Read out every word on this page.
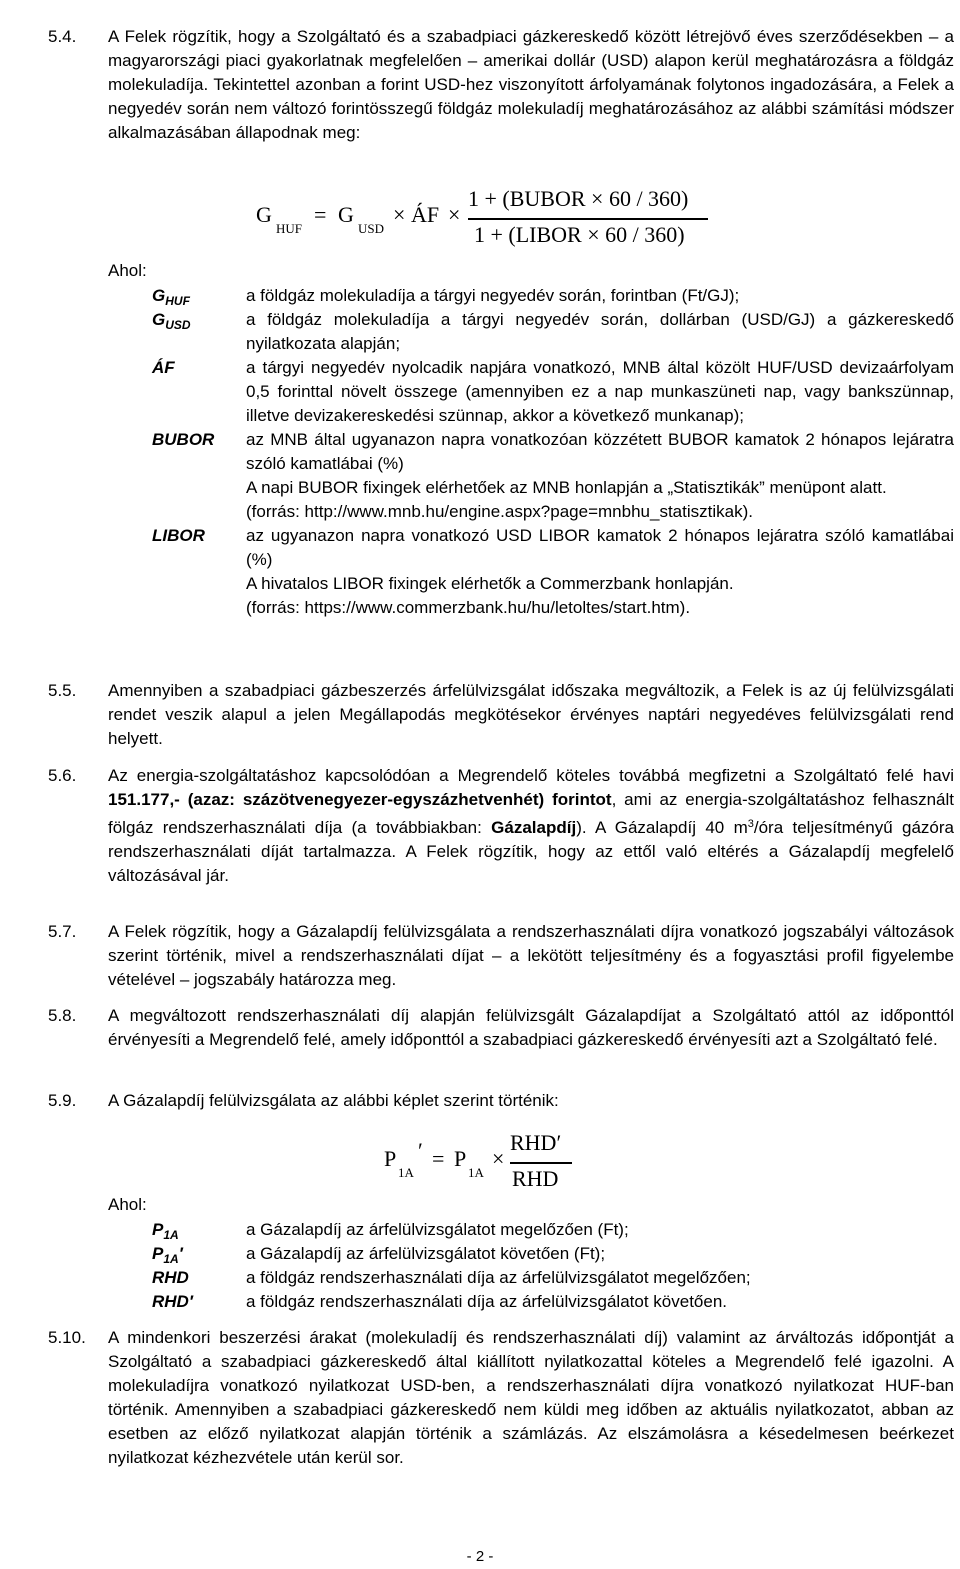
5.4.	A Felek rögzítik, hogy a Szolgáltató és a szabadpiaci gázkereskedő között létrejövő éves szerződésekben – a magyarországi piaci gyakorlatnak megfelelően – amerikai dollár (USD) alapon kerül meghatározásra a földgáz molekuladíja. Tekintettel azonban a forint USD-hez viszonyított árfolyamának folytonos ingadozására, a Felek a negyedév során nem változó forintösszegű földgáz molekuladíj meghatározásához az alábbi számítási módszer alkalmazásában állapodnak meg:
G
HUF
= G
USD
× ÁF ×
1 + (BUBOR × 60 / 360)
1 + (LIBOR × 60 / 360)
Ahol:
$G_{HUF}$	a földgáz molekuladíja a tárgyi negyedév során, forintban (Ft/GJ);

$G_{USD}$	a földgáz molekuladíja a tárgyi negyedév során, dollárban (USD/GJ) a gázkereskedő nyilatkozata alapján;

ÁF	a tárgyi negyedév nyolcadik napjára vonatkozó, MNB által közölt HUF/USD devizaárfolyam 0,5 forinttal növelt összege (amennyiben ez a nap munkaszüneti nap, vagy bankszünnap, illetve devizakereskedési szünnap, akkor a következő munkanap);

BUBOR az MNB által ugyanazon napra vonatkozóan közzétett BUBOR kamatok 2 hónapos lejáratra szóló kamatlábai (%)

A napi BUBOR fixingek elérhetőek az MNB honlapján a „Statisztikák” menüpont alatt.

(forrás: http://www.mnb.hu/engine.aspx?page=mnbhu_statisztikak).

LIBOR az ugyanazon napra vonatkozó USD LIBOR kamatok 2 hónapos lejáratra szóló kamatlábai (%)

A hivatalos LIBOR fixingek elérhetők a Commerzbank honlapján.

(forrás: https://www.commerzbank.hu/hu/letoltes/start.htm).

5.5.	Amennyiben a szabadpiaci gázbeszerzés árfelülvizsgálat időszaka megváltozik, a Felek is az új felülvizsgálati rendet veszik alapul a jelen Megállapodás megkötésekor érvényes naptári negyedéves felülvizsgálati rend helyett.
5.6.	Az energia-szolgáltatáshoz kapcsolódóan a Megrendelő köteles továbbá megfizetni a Szolgáltató felé havi 151.177,- (azaz: százötvenegyezer-egyszázhetvenhét) forintot, ami az energia-szolgáltatáshoz felhasznált fölgáz rendszerhasználati díja (a továbbiakban: Gázalapdíj). A Gázalapdíj 40 $m^3$/óra teljesítményű gázóra rendszerhasználati díját tartalmazza. A Felek rögzítik, hogy az ettől való eltérés a Gázalapdíj megfelelő változásával jár.
5.7.	A Felek rögzítik, hogy a Gázalapdíj felülvizsgálata a rendszerhasználati díjra vonatkozó jogszabályi változások szerint történik, mivel a rendszerhasználati díjat – a lekötött teljesítmény és a fogyasztási profil figyelembe vételével – jogszabály határozza meg.
5.8.	A megváltozott rendszerhasználati díj alapján felülvizsgált Gázalapdíjat a Szolgáltató attól az időponttól érvényesíti a Megrendelő felé, amely időponttól a szabadpiaci gázkereskedő érvényesíti azt a Szolgáltató felé.
5.9.	A Gázalapdíj felülvizsgálata az alábbi képlet szerint történik:
P
1A
′ = P
1A
×
RHD′
RHD
Ahol:
$P_{1A}$	a Gázalapdíj az árfelülvizsgálatot megelőzően (Ft);
$P_{1A}'$	a Gázalapdíj az árfelülvizsgálatot követően (Ft);
RHD	a földgáz rendszerhasználati díja az árfelülvizsgálatot megelőzően;
RHD′	a földgáz rendszerhasználati díja az árfelülvizsgálatot követően.
5.10.	A mindenkori beszerzési árakat (molekuladíj és rendszerhasználati díj) valamint az árváltozás időpontját a Szolgáltató a szabadpiaci gázkereskedő által kiállított nyilatkozattal köteles a Megrendelő felé igazolni. A molekuladíjra vonatkozó nyilatkozat USD-ben, a rendszerhasználati díjra vonatkozó nyilatkozat HUF-ban történik. Amennyiben a szabadpiaci gázkereskedő nem küldi meg időben az aktuális nyilatkozatot, abban az esetben az előző nyilatkozat alapján történik a számlázás. Az elszámolásra a késedelmesen beérkezet nyilatkozat kézhezvétele után kerül sor.
- 2 -
